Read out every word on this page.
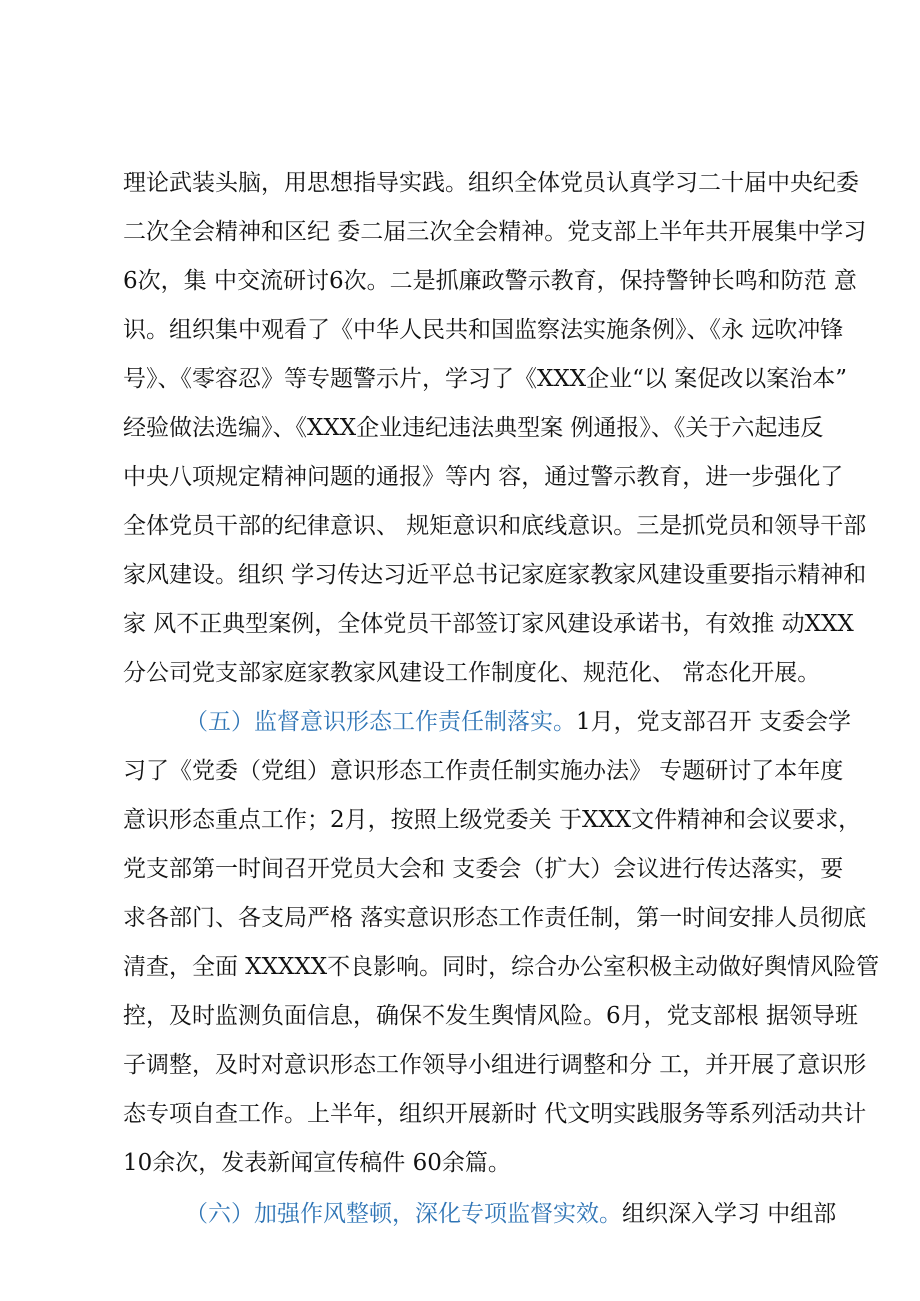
理论武装头脑，用思想指导实践。组织全体党员认真学习二十届中央纪委
二次全会精神和区纪 委二届三次全会精神。党支部上半年共开展集中学习
6次，集 中交流研讨6次。二是抓廉政警示教育，保持警钟长鸣和防范 意
识。组织集中观看了《中华人民共和国监察法实施条例》、《永 远吹冲锋
号》、《零容忍》等专题警示片，学习了《XXX企业“以 案促改以案治本”
经验做法选编》、《XXX企业违纪违法典型案 例通报》、《关于六起违反
中央八项规定精神问题的通报》等内 容，通过警示教育，进一步强化了
全体党员干部的纪律意识、 规矩意识和底线意识。三是抓党员和领导干部
家风建设。组织 学习传达习近平总书记家庭家教家风建设重要指示精神和
家 风不正典型案例，全体党员干部签订家风建设承诺书，有效推 动XXX
分公司党支部家庭家教家风建设工作制度化、规范化、 常态化开展。
（五）监督意识形态工作责任制落实。1月，党支部召开 支委会学
习了《党委（党组）意识形态工作责任制实施办法》 专题研讨了本年度
意识形态重点工作；2月，按照上级党委关 于XXX文件精神和会议要求，
党支部第一时间召开党员大会和 支委会（扩大）会议进行传达落实，要
求各部门、各支局严格 落实意识形态工作责任制，第一时间安排人员彻底
清查，全面 XXXXX不良影响。同时，综合办公室积极主动做好舆情风险管
控，及时监测负面信息，确保不发生舆情风险。6月，党支部根 据领导班
子调整，及时对意识形态工作领导小组进行调整和分 工，并开展了意识形
态专项自查工作。上半年，组织开展新时 代文明实践服务等系列活动共计
10余次，发表新闻宣传稿件 60余篇。
（六）加强作风整顿，深化专项监督实效。组织深入学习 中组部
